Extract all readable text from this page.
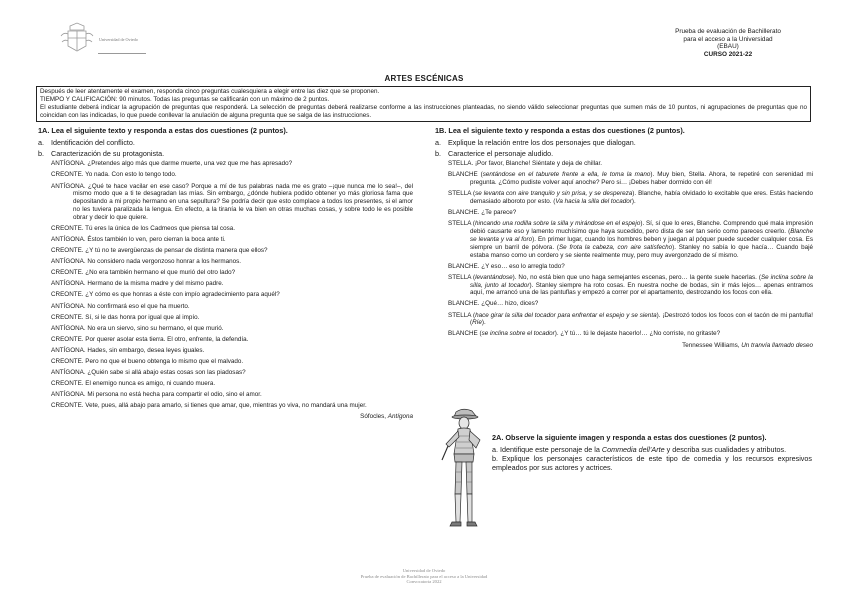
Universidad de Oviedo
Prueba de evaluación de Bachillerato
para el acceso a la Universidad
(EBAU)
CURSO 2021-22
ARTES ESCÉNICAS
Después de leer atentamente el examen, responda cinco preguntas cualesquiera a elegir entre las diez que se proponen.
TIEMPO Y CALIFICACIÓN: 90 minutos. Todas las preguntas se calificarán con un máximo de 2 puntos.
El estudiante deberá indicar la agrupación de preguntas que responderá. La selección de preguntas deberá realizarse conforme a las instrucciones planteadas, no siendo válido seleccionar preguntas que sumen más de 10 puntos, ni agrupaciones de preguntas que no coincidan con las indicadas, lo que puede conllevar la anulación de alguna pregunta que se salga de las instrucciones.
1A. Lea el siguiente texto y responda a estas dos cuestiones (2 puntos).
a. Identificación del conflicto.
b. Caracterización de su protagonista.
ANTÍGONA. ¿Pretendes algo más que darme muerte, una vez que me has apresado?
CREONTE. Yo nada. Con esto lo tengo todo.
ANTÍGONA. ¿Qué te hace vacilar en ese caso? Porque a mí de tus palabras nada me es grato –¡que nunca me lo sea!–, del mismo modo que a ti te desagradan las mías. Sin embargo, ¿dónde hubiera podido obtener yo más gloriosa fama que depositando a mi propio hermano en una sepultura? Se podría decir que esto complace a todos los presentes, si el amor no les tuviera paralizada la lengua. En efecto, a la tiranía le va bien en otras muchas cosas, y sobre todo le es posible obrar y decir lo que quiere.
CREONTE. Tú eres la única de los Cadmeos que piensa tal cosa.
ANTÍGONA. Éstos también lo ven, pero cierran la boca ante ti.
CREONTE. ¿Y tú no te avergüenzas de pensar de distinta manera que ellos?
ANTÍGONA. No considero nada vergonzoso honrar a los hermanos.
CREONTE. ¿No era también hermano el que murió del otro lado?
ANTÍGONA. Hermano de la misma madre y del mismo padre.
CREONTE. ¿Y cómo es que honras a éste con impío agradecimiento para aquél?
ANTÍGONA. No confirmará eso el que ha muerto.
CREONTE. Sí, si le das honra por igual que al impío.
ANTÍGONA. No era un siervo, sino su hermano, el que murió.
CREONTE. Por querer asolar esta tierra. El otro, enfrente, la defendía.
ANTÍGONA. Hades, sin embargo, desea leyes iguales.
CREONTE. Pero no que el bueno obtenga lo mismo que el malvado.
ANTÍGONA. ¿Quién sabe si allá abajo estas cosas son las piadosas?
CREONTE. El enemigo nunca es amigo, ni cuando muera.
ANTÍGONA. Mi persona no está hecha para compartir el odio, sino el amor.
CREONTE. Vete, pues, allá abajo para amarlo, si tienes que amar, que, mientras yo viva, no mandará una mujer.
Sófocles, Antígona
1B. Lea el siguiente texto y responda a estas dos cuestiones (2 puntos).
a. Explique la relación entre los dos personajes que dialogan.
b. Caracterice el personaje aludido.
STELLA. ¡Por favor, Blanche! Siéntate y deja de chillar.
BLANCHE (sentándose en el taburete frente a ella, le toma la mano). Muy bien, Stella. Ahora, te repetiré con serenidad mi pregunta. ¿Cómo pudiste volver aquí anoche? Pero si… ¡Debes haber dormido con él!
STELLA (se levanta con aire tranquilo y sin prisa, y se despereza). Blanche, había olvidado lo excitable que eres. Estás haciendo demasiado alboroto por esto. (Va hacia la silla del tocador).
BLANCHE. ¿Te parece?
STELLA (hincando una rodilla sobre la silla y mirándose en el espejo). Sí, sí que lo eres, Blanche. Comprendo qué mala impresión debió causarte eso y lamento muchísimo que haya sucedido, pero dista de ser tan serio como pareces creerlo. (Blanche se levanta y va al foro). En primer lugar, cuando los hombres beben y juegan al póquer puede suceder cualquier cosa. Es siempre un barril de pólvora. (Se frota la cabeza, con aire satisfecho). Stanley no sabía lo que hacía… Cuando bajé estaba manso como un cordero y se siente realmente muy, pero muy avergonzado de sí mismo.
BLANCHE. ¿Y eso… eso lo arregla todo?
STELLA (levantándose). No, no está bien que uno haga semejantes escenas, pero… la gente suele hacerlas. (Se inclina sobre la silla, junto al tocador). Stanley siempre ha roto cosas. En nuestra noche de bodas, sin ir más lejos… apenas entramos aquí, me arrancó una de las pantuflas y empezó a correr por el apartamento, destrozando los focos con ella.
BLANCHE. ¿Qué… hizo, dices?
STELLA (hace girar la silla del tocador para enfrentar el espejo y se sienta). ¡Destrozó todos los focos con el tacón de mi pantufla! (Ríe).
BLANCHE (se inclina sobre el tocador). ¿Y tú… tú le dejaste hacerlo!… ¿No corriste, no gritaste?
Tennessee Williams, Un tranvía llamado deseo
2A. Observe la siguiente imagen y responda a estas dos cuestiones (2 puntos).
a. Identifique este personaje de la Commedia dell’Arte y describa sus cualidades y atributos.
b. Explique los personajes característicos de este tipo de comedia y los recursos expresivos empleados por sus actores y actrices.
Universidad de Oviedo
Prueba de evaluación de Bachillerato para el acceso a la Universidad
Convocatoria 2022
